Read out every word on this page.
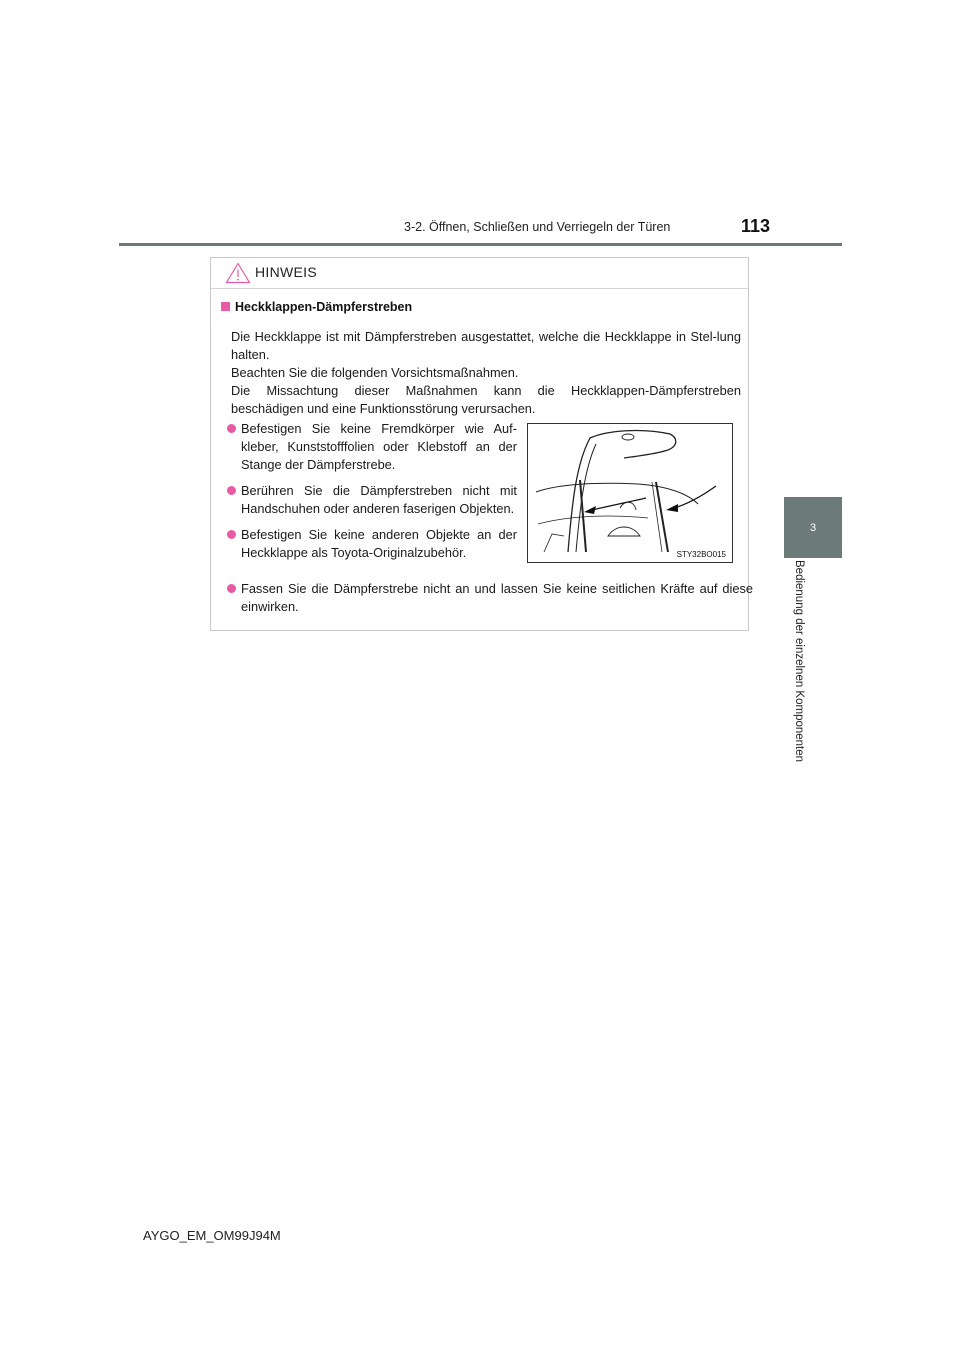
3-2. Öffnen, Schließen und Verriegeln der Türen	113
3
Bedienung der einzelnen Komponenten
HINWEIS
Heckklappen-Dämpferstreben
Die Heckklappe ist mit Dämpferstreben ausgestattet, welche die Heckklappe in Stel-lung halten.
Beachten Sie die folgenden Vorsichtsmaßnahmen.
Die Missachtung dieser Maßnahmen kann die Heckklappen-Dämpferstreben beschädigen und eine Funktionsstörung verursachen.
Befestigen Sie keine Fremdkörper wie Auf-kleber, Kunststofffolien oder Klebstoff an der Stange der Dämpferstrebe.
Berühren Sie die Dämpferstreben nicht mit Handschuhen oder anderen faserigen Objekten.
Befestigen Sie keine anderen Objekte an der Heckklappe als Toyota-Originalzubehör.	STY32BO015
Fassen Sie die Dämpferstrebe nicht an und lassen Sie keine seitlichen Kräfte auf diese einwirken.
AYGO_EM_OM99J94M
